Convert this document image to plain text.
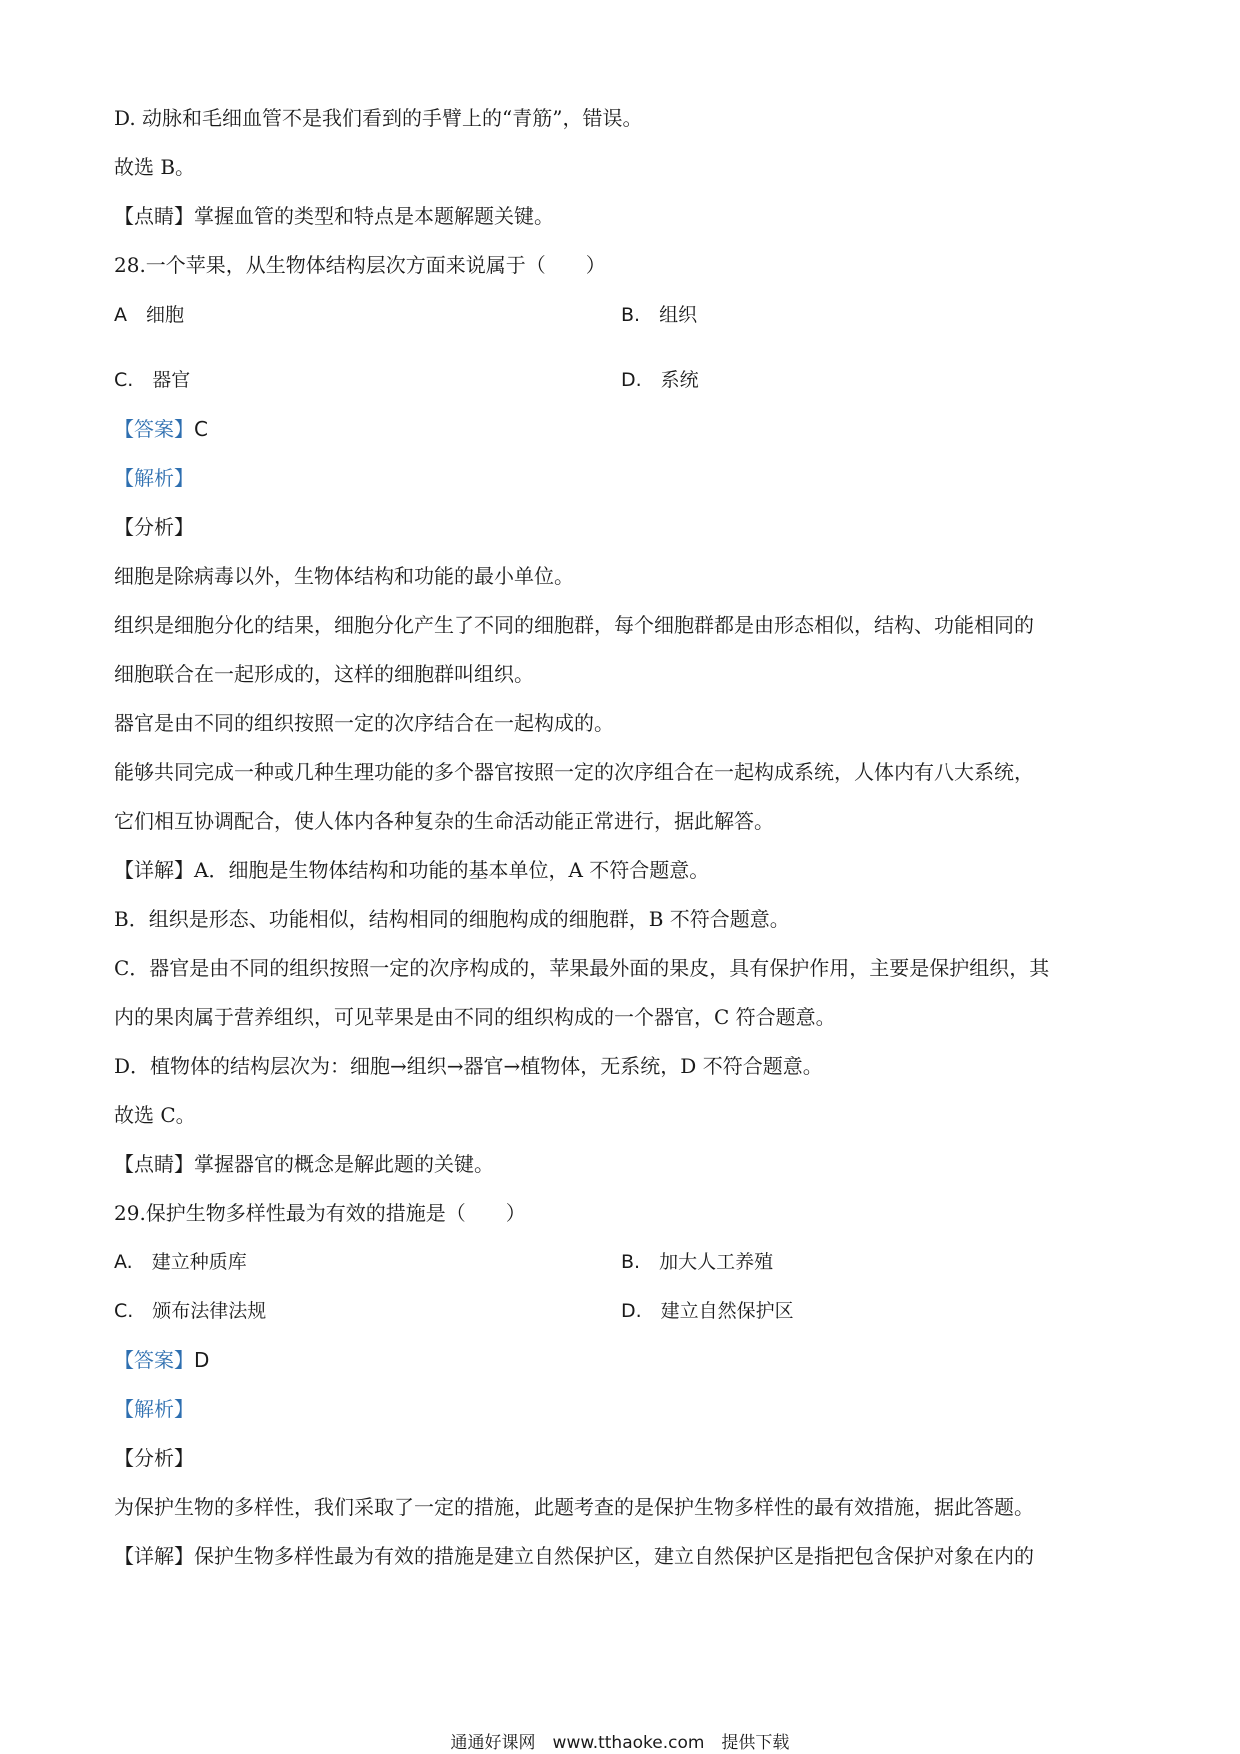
D. 动脉和毛细血管不是我们看到的手臂上的“青筋”，错误。
故选 B。
【点睛】掌握血管的类型和特点是本题解题关键。
28.一个苹果，从生物体结构层次方面来说属于（　　）
A　细胞	B.　组织
C.　器官	D.　系统
【答案】C
【解析】
【分析】
细胞是除病毒以外，生物体结构和功能的最小单位。
组织是细胞分化的结果，细胞分化产生了不同的细胞群，每个细胞群都是由形态相似，结构、功能相同的
细胞联合在一起形成的，这样的细胞群叫组织。
器官是由不同的组织按照一定的次序结合在一起构成的。
能够共同完成一种或几种生理功能的多个器官按照一定的次序组合在一起构成系统，人体内有八大系统，
它们相互协调配合，使人体内各种复杂的生命活动能正常进行，据此解答。
【详解】A．细胞是生物体结构和功能的基本单位，A 不符合题意。
B．组织是形态、功能相似，结构相同的细胞构成的细胞群，B 不符合题意。
C．器官是由不同的组织按照一定的次序构成的，苹果最外面的果皮，具有保护作用，主要是保护组织，其
内的果肉属于营养组织，可见苹果是由不同的组织构成的一个器官，C 符合题意。
D．植物体的结构层次为：细胞→组织→器官→植物体，无系统，D 不符合题意。
故选 C。
【点睛】掌握器官的概念是解此题的关键。
29.保护生物多样性最为有效的措施是（　　）
A.　建立种质库	B.　加大人工养殖
C.　颁布法律法规	D.　建立自然保护区
【答案】D
【解析】
【分析】
为保护生物的多样性，我们采取了一定的措施，此题考查的是保护生物多样性的最有效措施，据此答题。
【详解】保护生物多样性最为有效的措施是建立自然保护区，建立自然保护区是指把包含保护对象在内的
通通好课网　www.tthaoke.com　提供下载
